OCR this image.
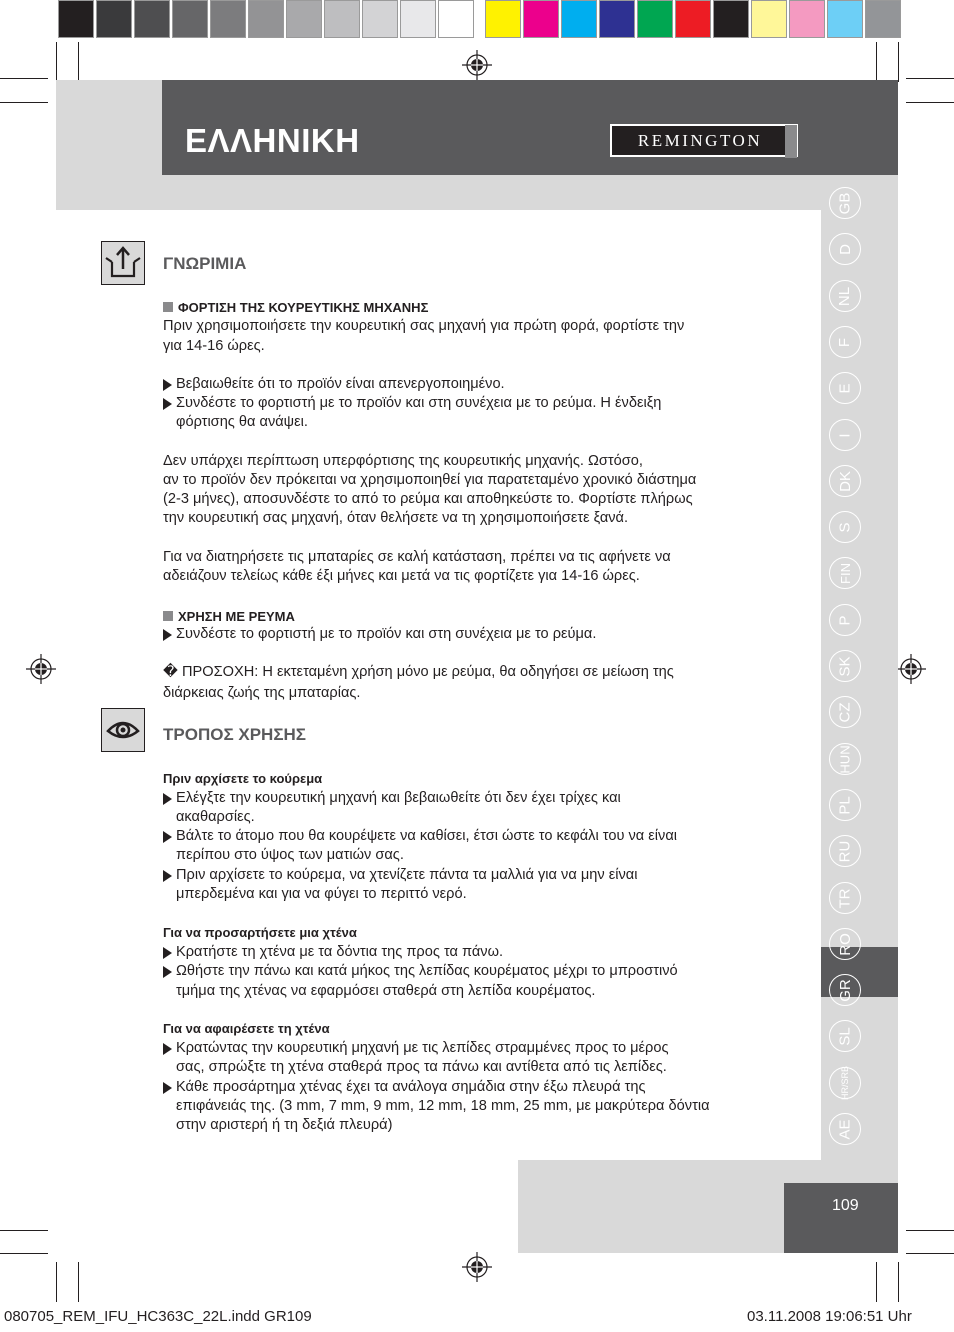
ΕΛΛΗΝΙΚΗ	REMINGTON
GB
D
NL
F
E
I
DK
S
FIN
P
SK
CZ
HUN
PL
RU
TR
RO
GR
SL
HR/SRB
AE
ΓΝΩΡΙΜΙΑ
ΦΟΡΤΙΣΗ ΤΗΣ ΚΟΥΡΕΥΤΙΚΗΣ ΜΗΧΑΝΗΣ
Πριν χρησιμοποιήσετε την κουρευτική σας μηχανή για πρώτη φορά, φορτίστε την
για 14-16 ώρες.
Βεβαιωθείτε ότι το προϊόν είναι απενεργοποιημένο.
Συνδέστε το φορτιστή με το προϊόν και στη συνέχεια με το ρεύμα. Η ένδειξη
φόρτισης θα ανάψει.
Δεν υπάρχει περίπτωση υπερφόρτισης της κουρευτικής μηχανής. Ωστόσο,
αν το προϊόν δεν πρόκειται να χρησιμοποιηθεί για παρατεταμένο χρονικό διάστημα
(2-3 μήνες), αποσυνδέστε το από το ρεύμα και αποθηκεύστε το. Φορτίστε πλήρως
την κουρευτική σας μηχανή, όταν θελήσετε να τη χρησιμοποιήσετε ξανά.
Για να διατηρήσετε τις μπαταρίες σε καλή κατάσταση, πρέπει να τις αφήνετε να
αδειάζουν τελείως κάθε έξι μήνες και μετά να τις φορτίζετε για 14-16 ώρες.
ΧΡΗΣΗ ΜΕ ΡΕΥΜΑ
Συνδέστε το φορτιστή με το προϊόν και στη συνέχεια με το ρεύμα.
� ΠΡΟΣΟΧΗ: Η εκτεταμένη χρήση μόνο με ρεύμα, θα οδηγήσει σε μείωση της
διάρκειας ζωής της μπαταρίας.
ΤΡΟΠΟΣ ΧΡΗΣΗΣ
Πριν αρχίσετε το κούρεμα
Ελέγξτε την κουρευτική μηχανή και βεβαιωθείτε ότι δεν έχει τρίχες και
ακαθαρσίες.
Βάλτε το άτομο που θα κουρέψετε να καθίσει, έτσι ώστε το κεφάλι του να είναι
περίπου στο ύψος των ματιών σας.
Πριν αρχίσετε το κούρεμα, να χτενίζετε πάντα τα μαλλιά για να μην είναι
μπερδεμένα και για να φύγει το περιττό νερό.
Για να προσαρτήσετε μια χτένα
Κρατήστε τη χτένα με τα δόντια της προς τα πάνω.
Ωθήστε την πάνω και κατά μήκος της λεπίδας κουρέματος μέχρι το μπροστινό
τμήμα της χτένας να εφαρμόσει σταθερά στη λεπίδα κουρέματος.
Για να αφαιρέσετε τη χτένα
Κρατώντας την κουρευτική μηχανή με τις λεπίδες στραμμένες προς το μέρος
σας, σπρώξτε τη χτένα σταθερά προς τα πάνω και αντίθετα από τις λεπίδες.
Κάθε προσάρτημα χτένας έχει τα ανάλογα σημάδια στην έξω πλευρά της
επιφάνειάς της. (3 mm, 7 mm, 9 mm, 12 mm, 18 mm, 25 mm, με μακρύτερα δόντια
στην αριστερή ή τη δεξιά πλευρά)
109
080705_REM_IFU_HC363C_22L.indd GR109	03.11.2008 19:06:51 Uhr
